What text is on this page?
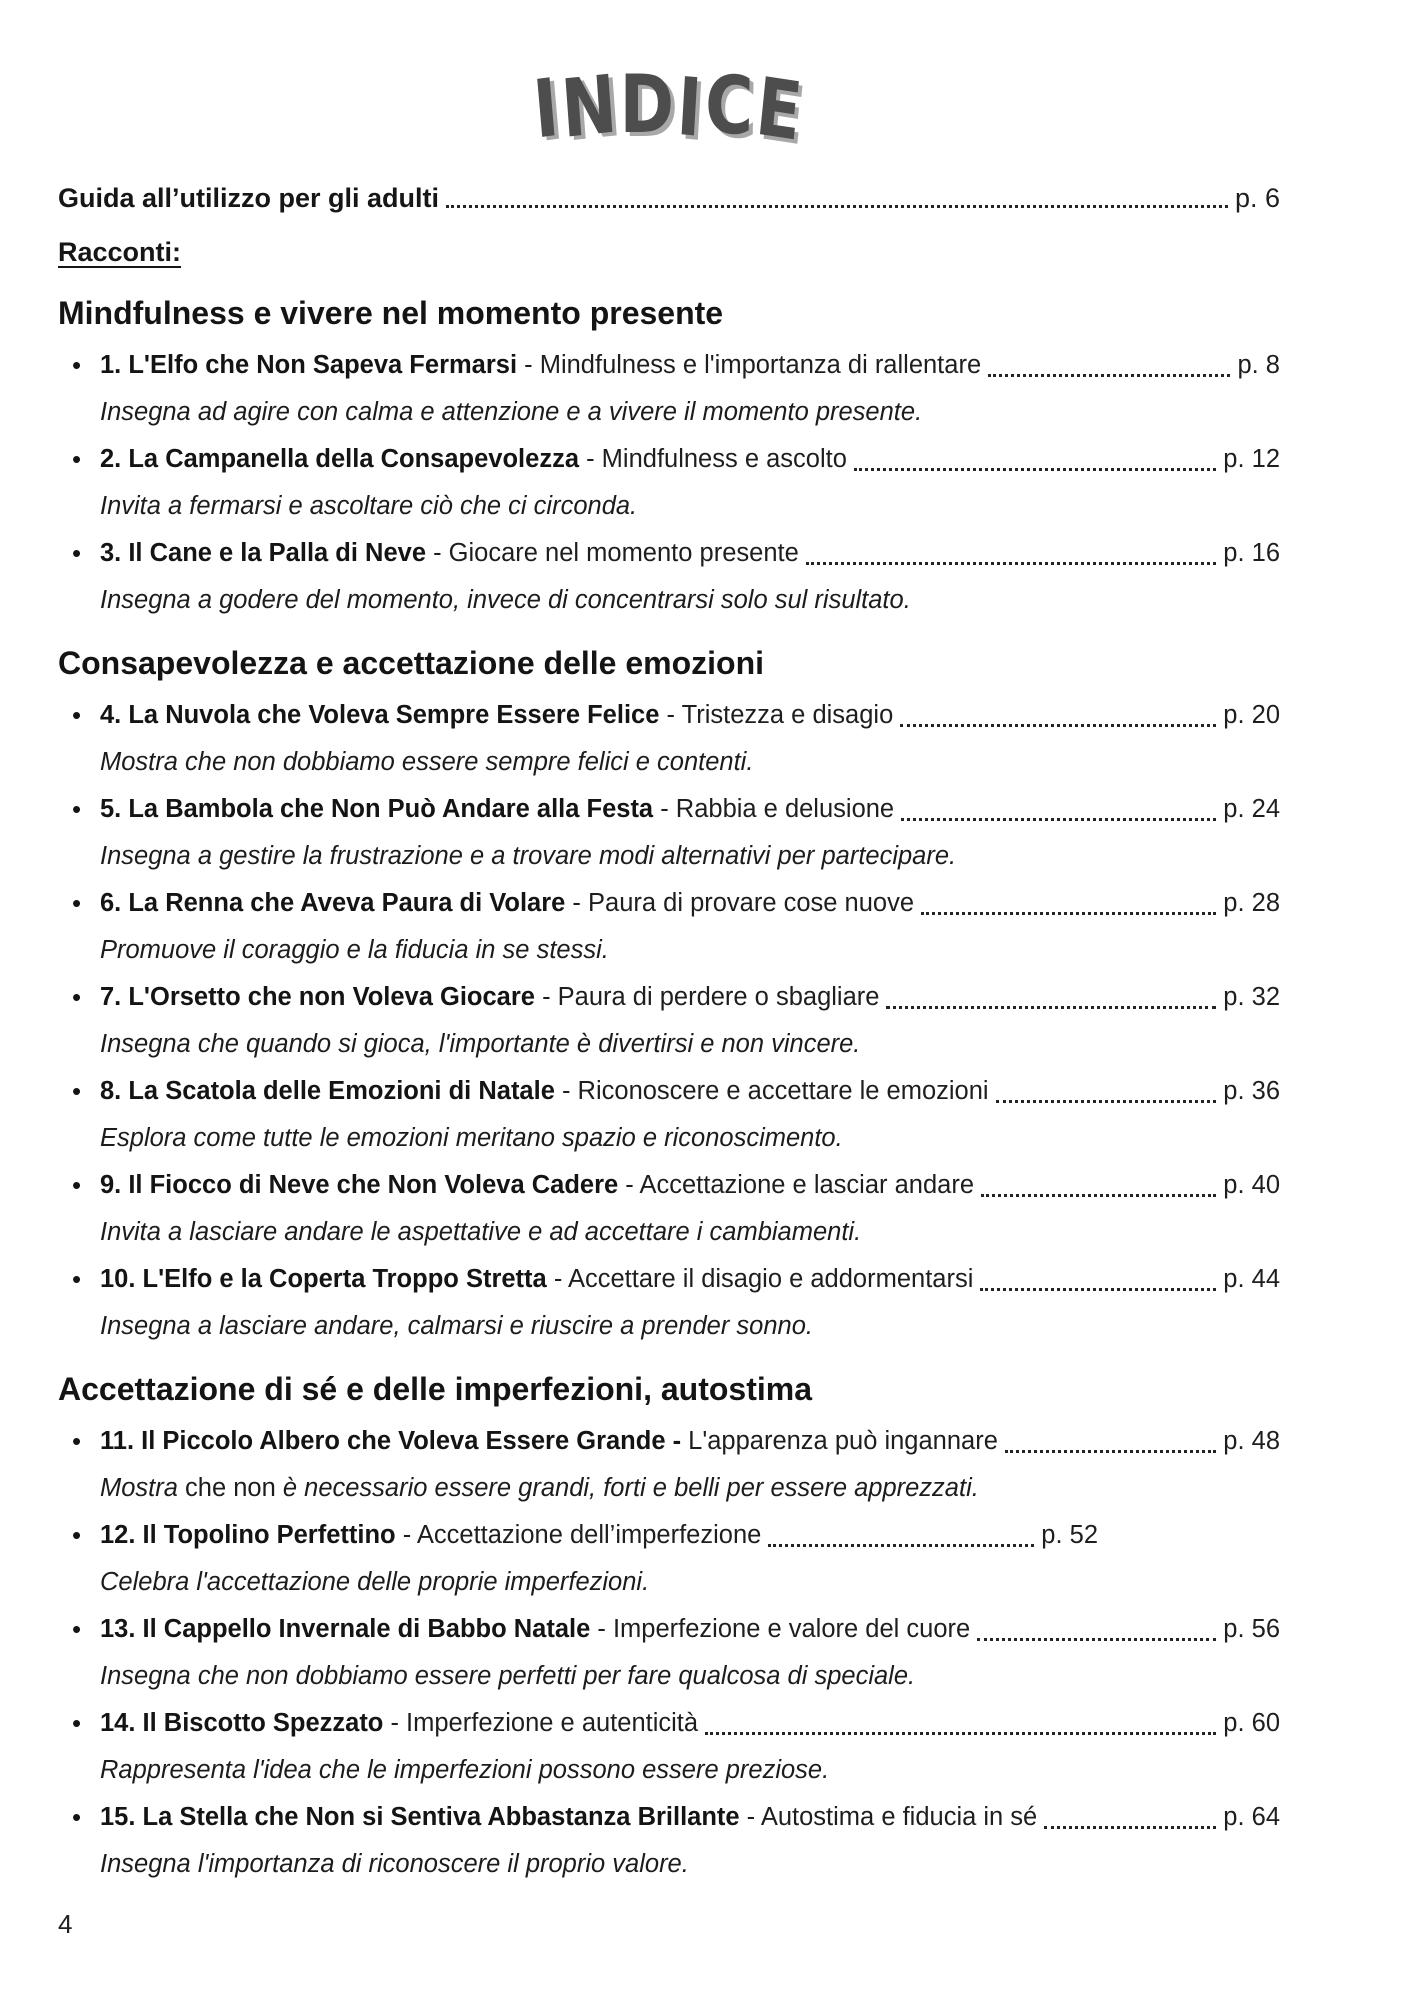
INDICE
Guida all’utilizzo per gli adulti	p. 6
Racconti:
Mindfulness e vivere nel momento presente
• 1. L'Elfo che Non Sapeva Fermarsi - Mindfulness e l'importanza di rallentare	p. 8
Insegna ad agire con calma e attenzione e a vivere il momento presente.
• 2. La Campanella della Consapevolezza - Mindfulness e ascolto	p. 12
Invita a fermarsi e ascoltare ciò che ci circonda.
• 3. Il Cane e la Palla di Neve - Giocare nel momento presente	p. 16
Insegna a godere del momento, invece di concentrarsi solo sul risultato.
Consapevolezza e accettazione delle emozioni
• 4. La Nuvola che Voleva Sempre Essere Felice - Tristezza e disagio	p. 20
Mostra che non dobbiamo essere sempre felici e contenti.
• 5. La Bambola che Non Può Andare alla Festa - Rabbia e delusione	p. 24
Insegna a gestire la frustrazione e a trovare modi alternativi per partecipare.
• 6. La Renna che Aveva Paura di Volare - Paura di provare cose nuove	p. 28
Promuove il coraggio e la fiducia in se stessi.
• 7. L'Orsetto che non Voleva Giocare - Paura di perdere o sbagliare	p. 32
Insegna che quando si gioca, l'importante è divertirsi e non vincere.
• 8. La Scatola delle Emozioni di Natale - Riconoscere e accettare le emozioni	p. 36
Esplora come tutte le emozioni meritano spazio e riconoscimento.
• 9. Il Fiocco di Neve che Non Voleva Cadere - Accettazione e lasciar andare	p. 40
Invita a lasciare andare le aspettative e ad accettare i cambiamenti.
• 10. L'Elfo e la Coperta Troppo Stretta - Accettare il disagio e addormentarsi	p. 44
Insegna a lasciare andare, calmarsi e riuscire a prender sonno.
Accettazione di sé e delle imperfezioni, autostima
• 11. Il Piccolo Albero che Voleva Essere Grande - L'apparenza può ingannare	p. 48
Mostra che non è necessario essere grandi, forti e belli per essere apprezzati.
• 12. Il Topolino Perfettino - Accettazione dell’imperfezione	p. 52
Celebra l'accettazione delle proprie imperfezioni.
• 13. Il Cappello Invernale di Babbo Natale - Imperfezione e valore del cuore	p. 56
Insegna che non dobbiamo essere perfetti per fare qualcosa di speciale.
• 14. Il Biscotto Spezzato - Imperfezione e autenticità	p. 60
Rappresenta l'idea che le imperfezioni possono essere preziose.
• 15. La Stella che Non si Sentiva Abbastanza Brillante - Autostima e fiducia in sé	p. 64
Insegna l'importanza di riconoscere il proprio valore.
4
